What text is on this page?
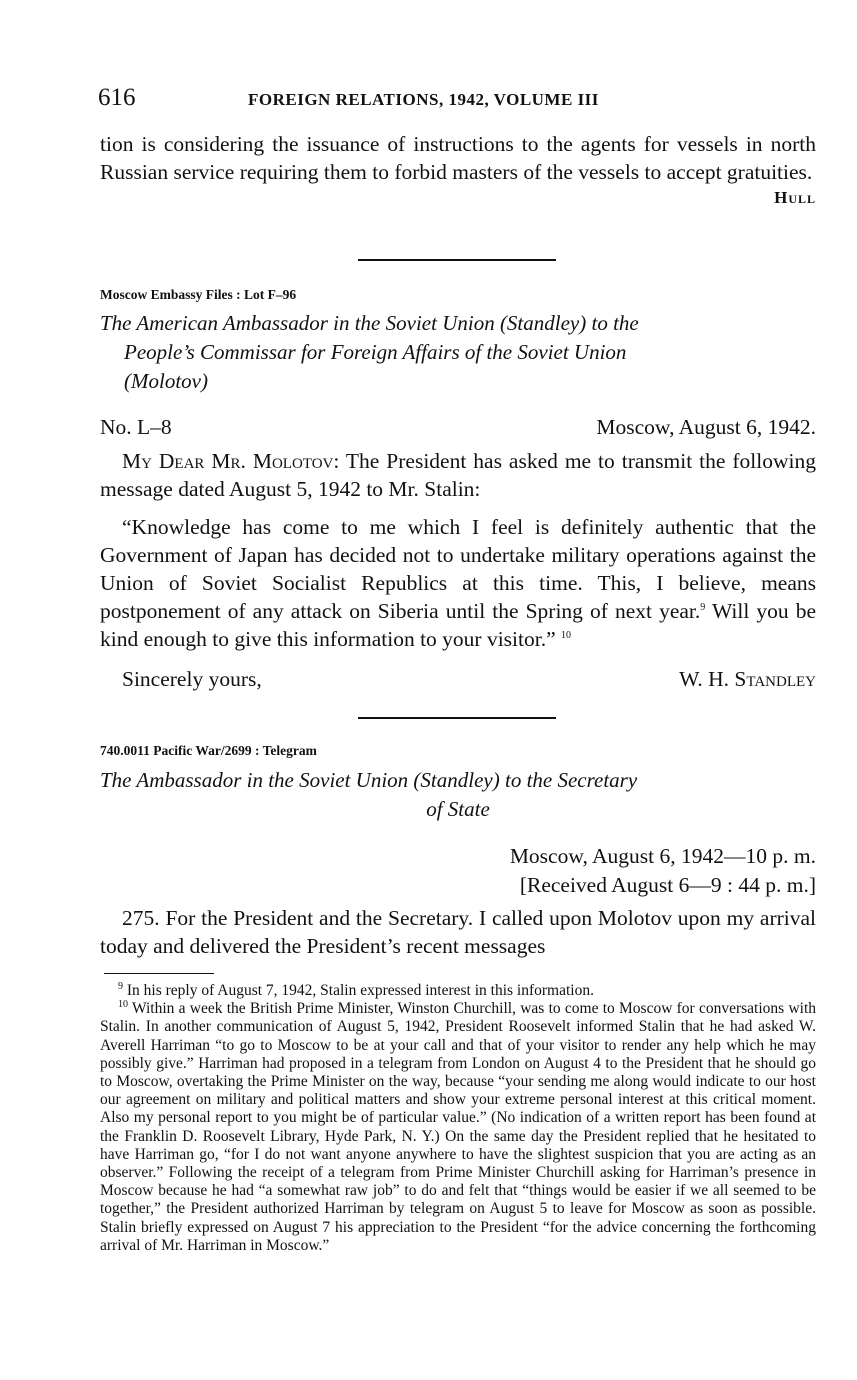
616	FOREIGN RELATIONS, 1942, VOLUME III

tion is considering the issuance of instructions to the agents for vessels in north Russian service requiring them to forbid masters of the vessels to accept gratuities.

Hull
Moscow Embassy Files : Lot F–96

The American Ambassador in the Soviet Union (Standley) to the
People’s Commissar for Foreign Affairs of the Soviet Union
(Molotov)

No. L–8	Moscow, August 6, 1942.

My Dear Mr. Molotov: The President has asked me to transmit the following message dated August 5, 1942 to Mr. Stalin:

“Knowledge has come to me which I feel is definitely authentic that the Government of Japan has decided not to undertake military operations against the Union of Soviet Socialist Republics at this time. This, I believe, means postponement of any attack on Siberia until the Spring of next year.$^9$ Will you be kind enough to give this information to your visitor.” $^{10}$

Sincerely yours,	W. H. Standley
740.0011 Pacific War/2699 : Telegram

The Ambassador in the Soviet Union (Standley) to the Secretary
of State

Moscow, August 6, 1942—10 p. m.
[Received August 6—9 : 44 p. m.]

275. For the President and the Secretary. I called upon Molotov upon my arrival today and delivered the President’s recent messages

$^9$ In his reply of August 7, 1942, Stalin expressed interest in this information.

$^{10}$ Within a week the British Prime Minister, Winston Churchill, was to come to Moscow for conversations with Stalin. In another communication of August 5, 1942, President Roosevelt informed Stalin that he had asked W. Averell Harriman “to go to Moscow to be at your call and that of your visitor to render any help which he may possibly give.” Harriman had proposed in a telegram from London on August 4 to the President that he should go to Moscow, overtaking the Prime Minister on the way, because “your sending me along would indicate to our host our agreement on military and political matters and show your extreme personal interest at this critical moment. Also my personal report to you might be of particular value.” (No indication of a written report has been found at the Franklin D. Roosevelt Library, Hyde Park, N. Y.) On the same day the President replied that he hesitated to have Harriman go, “for I do not want anyone anywhere to have the slightest suspicion that you are acting as an observer.” Following the receipt of a telegram from Prime Minister Churchill asking for Harriman’s presence in Moscow because he had “a somewhat raw job” to do and felt that “things would be easier if we all seemed to be together,” the President authorized Harriman by telegram on August 5 to leave for Moscow as soon as possible. Stalin briefly expressed on August 7 his appreciation to the President “for the advice concerning the forthcoming arrival of Mr. Harriman in Moscow.”
